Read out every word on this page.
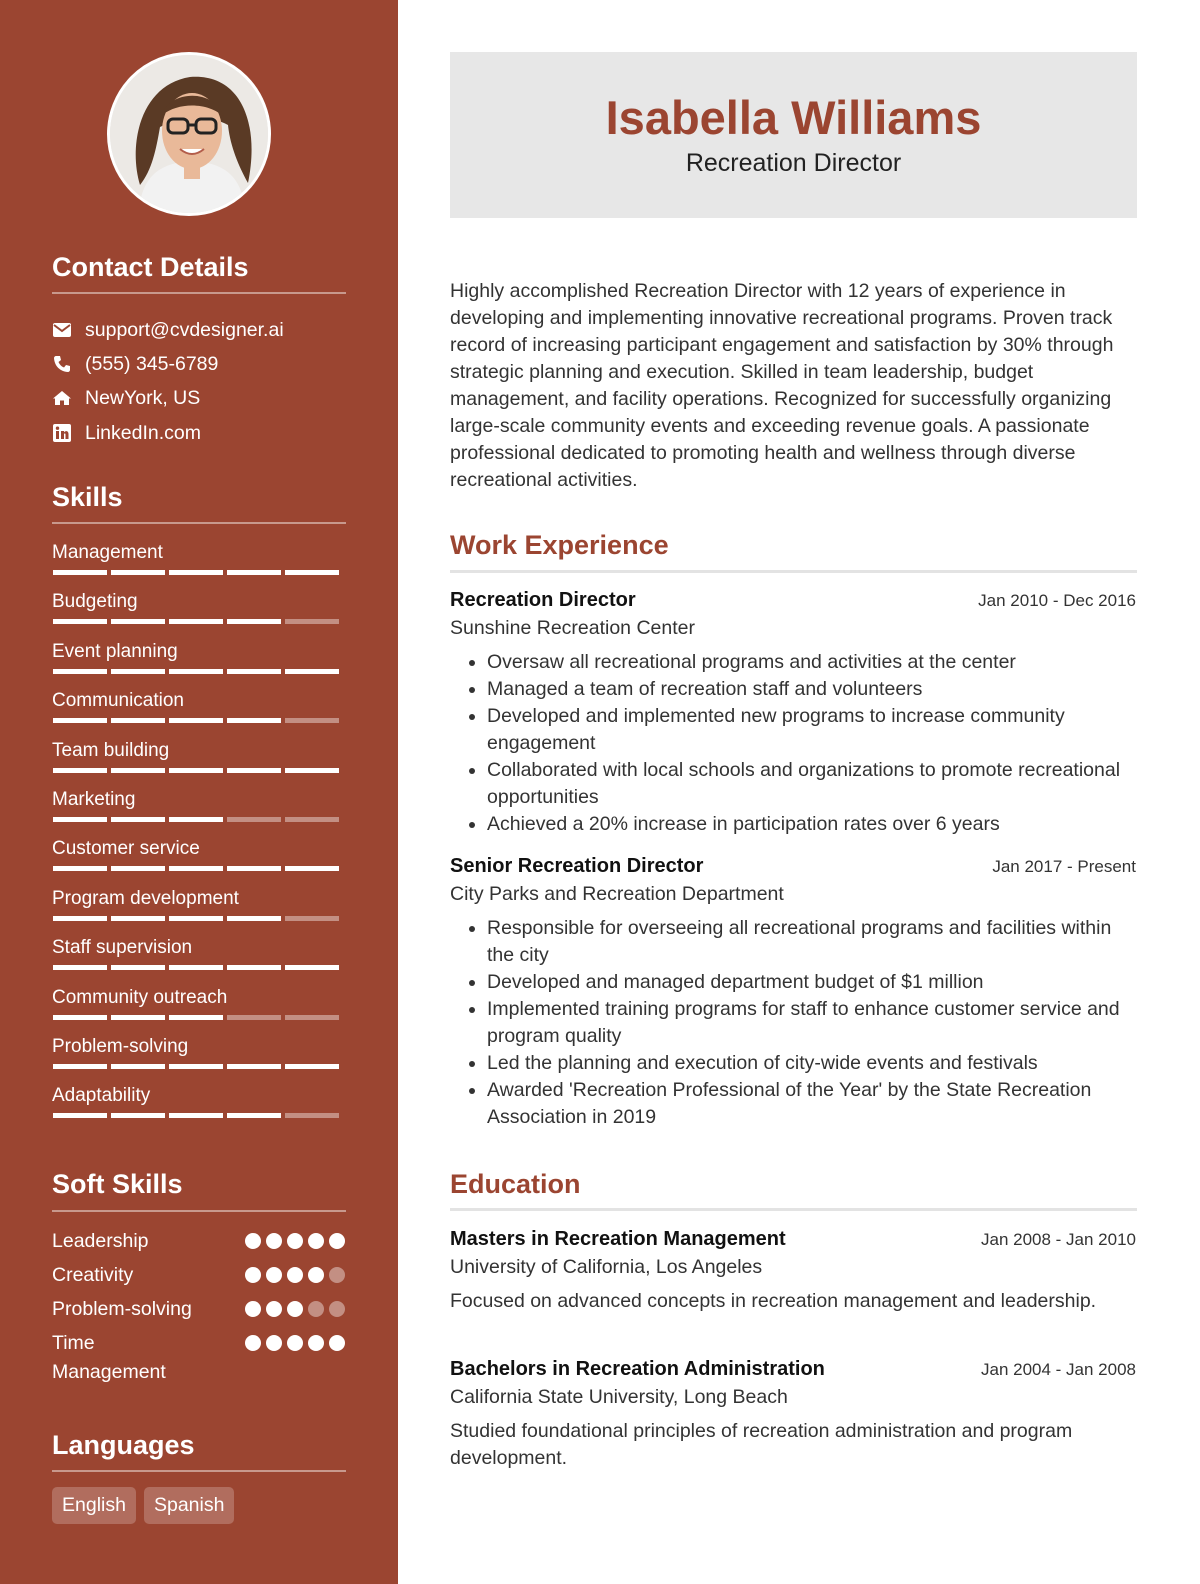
Contact Details
support@cvdesigner.ai
(555) 345-6789
NewYork, US
LinkedIn.com
Skills
Management
Budgeting
Event planning
Communication
Team building
Marketing
Customer service
Program development
Staff supervision
Community outreach
Problem-solving
Adaptability
Soft Skills
Leadership
Creativity
Problem-solving
Time Management
Languages
English	Spanish
Isabella Williams
Recreation Director
Highly accomplished Recreation Director with 12 years of experience in developing and implementing innovative recreational programs. Proven track record of increasing participant engagement and satisfaction by 30% through strategic planning and execution. Skilled in team leadership, budget management, and facility operations. Recognized for successfully organizing large-scale community events and exceeding revenue goals. A passionate professional dedicated to promoting health and wellness through diverse recreational activities.
Work Experience
Recreation Director	Jan 2010 - Dec 2016
Sunshine Recreation Center
• Oversaw all recreational programs and activities at the center
• Managed a team of recreation staff and volunteers
• Developed and implemented new programs to increase community engagement
• Collaborated with local schools and organizations to promote recreational opportunities
• Achieved a 20% increase in participation rates over 6 years
Senior Recreation Director	Jan 2017 - Present
City Parks and Recreation Department
• Responsible for overseeing all recreational programs and facilities within the city
• Developed and managed department budget of $1 million
• Implemented training programs for staff to enhance customer service and program quality
• Led the planning and execution of city-wide events and festivals
• Awarded 'Recreation Professional of the Year' by the State Recreation Association in 2019
Education
Masters in Recreation Management	Jan 2008 - Jan 2010
University of California, Los Angeles
Focused on advanced concepts in recreation management and leadership.
Bachelors in Recreation Administration	Jan 2004 - Jan 2008
California State University, Long Beach
Studied foundational principles of recreation administration and program development.
